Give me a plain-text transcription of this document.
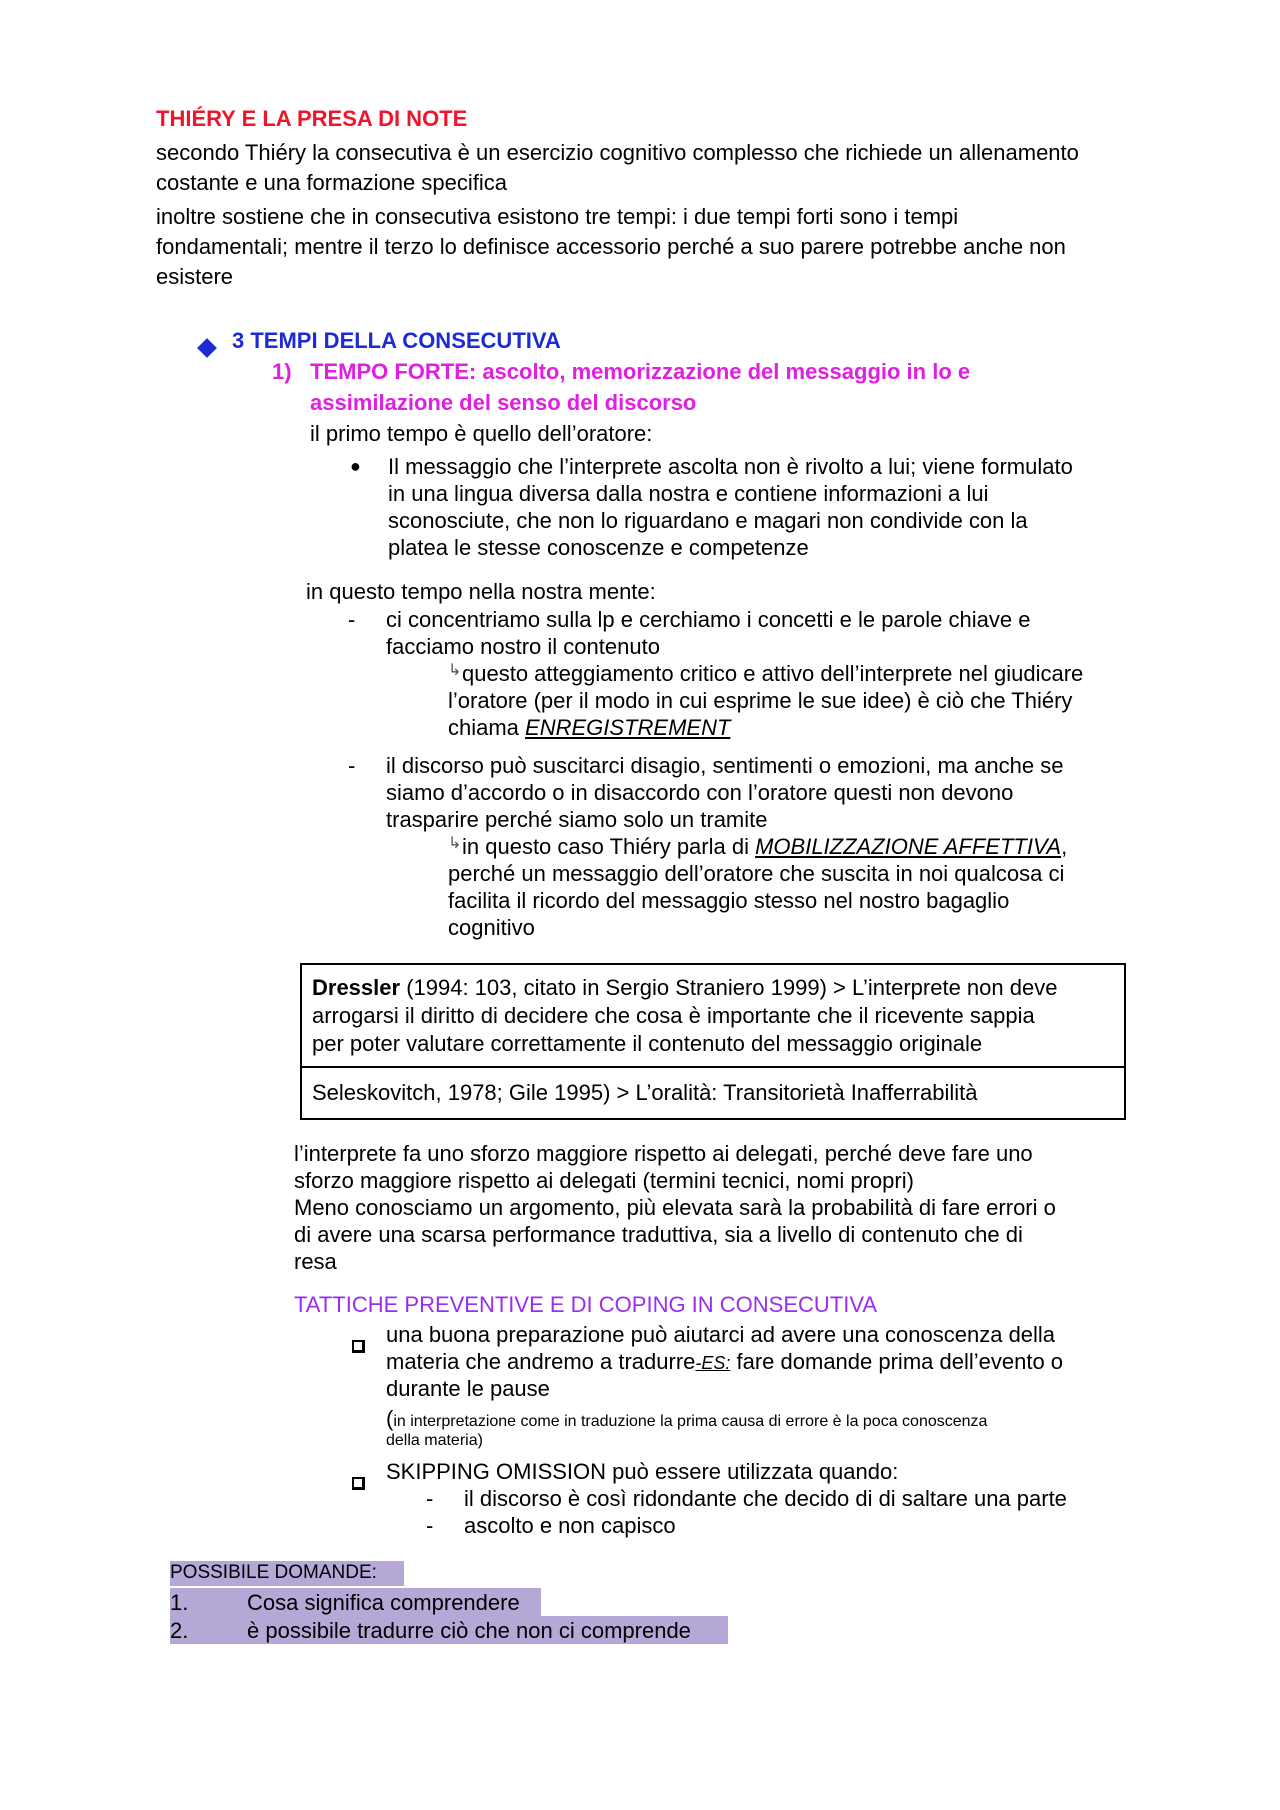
THIÉRY E LA PRESA DI NOTE
secondo Thiéry la consecutiva è un esercizio cognitivo complesso che richiede un allenamento
costante e una formazione specifica
inoltre sostiene che in consecutiva esistono tre tempi: i due tempi forti sono i tempi
fondamentali; mentre il terzo lo definisce accessorio perché a suo parere potrebbe anche non
esistere
3 TEMPI DELLA CONSECUTIVA
1) TEMPO FORTE: ascolto, memorizzazione del messaggio in lo e
assimilazione del senso del discorso
il primo tempo è quello dell’oratore:
● Il messaggio che l’interprete ascolta non è rivolto a lui; viene formulato
in una lingua diversa dalla nostra e contiene informazioni a lui
sconosciute, che non lo riguardano e magari non condivide con la
platea le stesse conoscenze e competenze
in questo tempo nella nostra mente:
- ci concentriamo sulla lp e cerchiamo i concetti e le parole chiave e
facciamo nostro il contenuto
↳ questo atteggiamento critico e attivo dell’interprete nel giudicare
l’oratore (per il modo in cui esprime le sue idee) è ciò che Thiéry
chiama ENREGISTREMENT
- il discorso può suscitarci disagio, sentimenti o emozioni, ma anche se
siamo d’accordo o in disaccordo con l’oratore questi non devono
trasparire perché siamo solo un tramite
↳ in questo caso Thiéry parla di MOBILIZZAZIONE AFFETTIVA,
perché un messaggio dell’oratore che suscita in noi qualcosa ci
facilita il ricordo del messaggio stesso nel nostro bagaglio
cognitivo
Dressler (1994: 103, citato in Sergio Straniero 1999) > L’interprete non deve
arrogarsi il diritto di decidere che cosa è importante che il ricevente sappia
per poter valutare correttamente il contenuto del messaggio originale
Seleskovitch, 1978; Gile 1995) > L’oralità: Transitorietà Inafferrabilità
l’interprete fa uno sforzo maggiore rispetto ai delegati, perché deve fare uno
sforzo maggiore rispetto ai delegati (termini tecnici, nomi propri)
Meno conosciamo un argomento, più elevata sarà la probabilità di fare errori o
di avere una scarsa performance traduttiva, sia a livello di contenuto che di
resa
TATTICHE PREVENTIVE E DI COPING IN CONSECUTIVA
una buona preparazione può aiutarci ad avere una conoscenza della
materia che andremo a tradurre-ES: fare domande prima dell’evento o
durante le pause
(in interpretazione come in traduzione la prima causa di errore è la poca conoscenza
della materia)
SKIPPING OMISSION può essere utilizzata quando:
- il discorso è così ridondante che decido di di saltare una parte
- ascolto e non capisco
POSSIBILE DOMANDE:
1.	Cosa significa comprendere
2.	è possibile tradurre ciò che non ci comprende
